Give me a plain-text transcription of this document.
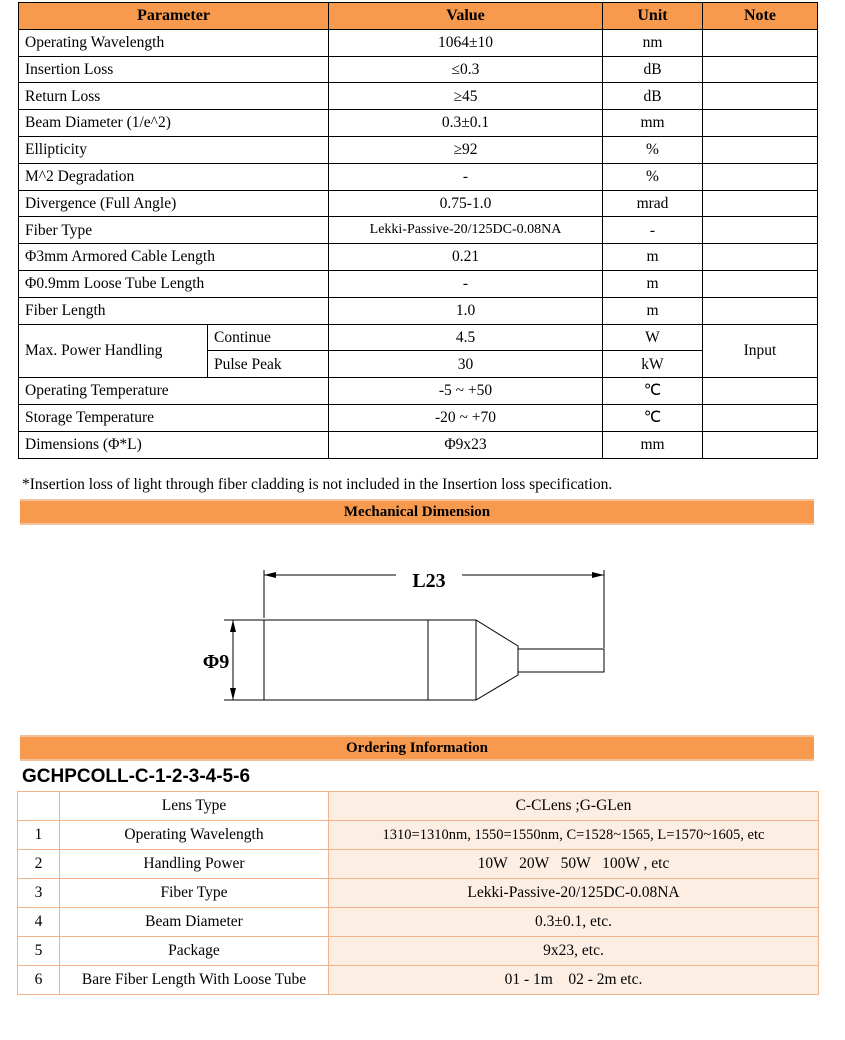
Parameter		Value	Unit	Note
Operating Wavelength		1064±10	nm	
Insertion Loss		≤0.3	dB	
Return Loss		≥45	dB	
Beam Diameter (1/e^2)		0.3±0.1	mm	
Ellipticity		≥92	%	
M^2 Degradation		-	%	
Divergence (Full Angle)		0.75-1.0	mrad	
Fiber Type		Lekki-Passive-20/125DC-0.08NA	-	
Φ3mm Armored Cable Length		0.21	m	
Φ0.9mm Loose Tube Length		-	m	
Fiber Length		1.0	m	
Max. Power Handling	Continue	4.5	W	Input
	Pulse Peak	30	kW	
Operating Temperature		-5 ~ +50	℃	
Storage Temperature		-20 ~ +70	℃	
Dimensions (Φ*L)		Φ9x23	mm	
*Insertion loss of light through fiber cladding is not included in the Insertion loss specification.
Mechanical Dimension
L23
Φ9
Ordering Information
GCHPCOLL-C-1-2-3-4-5-6
	Lens Type	C-CLens ;G-GLen
1	Operating Wavelength	1310=1310nm, 1550=1550nm, C=1528~1565, L=1570~1605, etc
2	Handling Power	10W   20W   50W   100W , etc
3	Fiber Type	Lekki-Passive-20/125DC-0.08NA
4	Beam Diameter	0.3±0.1, etc.
5	Package	9x23, etc.
6	Bare Fiber Length With Loose Tube	01 - 1m    02 - 2m etc.
